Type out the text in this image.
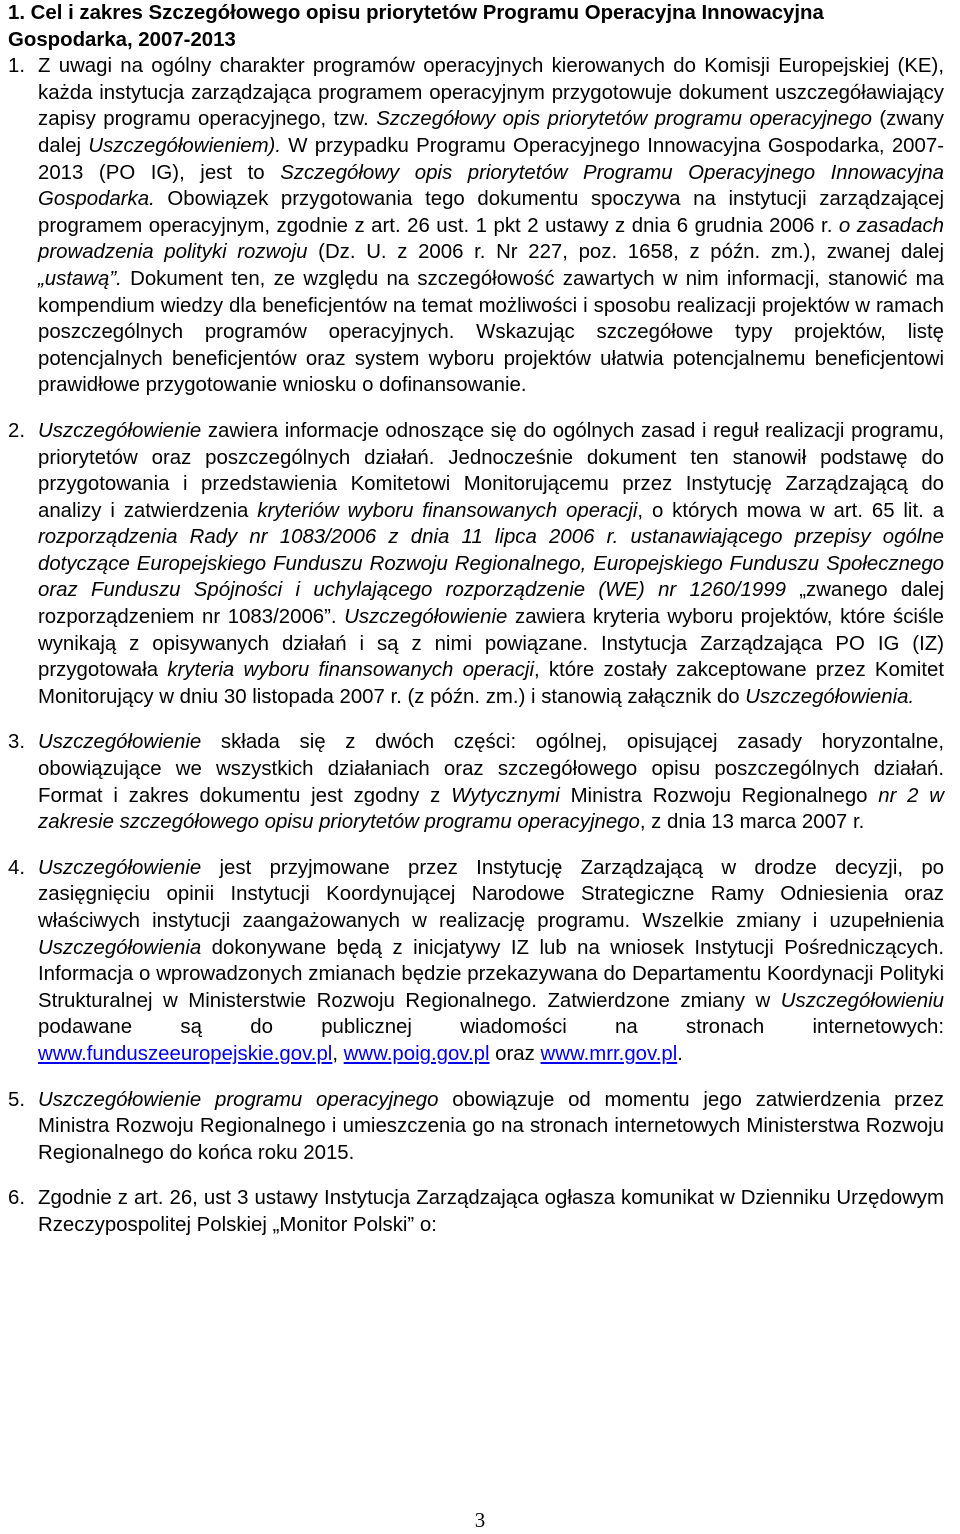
1. Cel i zakres Szczegółowego opisu priorytetów Programu Operacyjna Innowacyjna Gospodarka, 2007-2013

1. Z uwagi na ogólny charakter programów operacyjnych kierowanych do Komisji Europejskiej (KE), każda instytucja zarządzająca programem operacyjnym przygotowuje dokument uszczegóławiający zapisy programu operacyjnego, tzw. Szczegółowy opis priorytetów programu operacyjnego (zwany dalej Uszczegółowieniem). W przypadku Programu Operacyjnego Innowacyjna Gospodarka, 2007-2013 (PO IG), jest to Szczegółowy opis priorytetów Programu Operacyjnego Innowacyjna Gospodarka. Obowiązek przygotowania tego dokumentu spoczywa na instytucji zarządzającej programem operacyjnym, zgodnie z art. 26 ust. 1 pkt 2 ustawy z dnia 6 grudnia 2006 r. o zasadach prowadzenia polityki rozwoju (Dz. U. z 2006 r. Nr 227, poz. 1658, z późn. zm.), zwanej dalej „ustawą”. Dokument ten, ze względu na szczegółowość zawartych w nim informacji, stanowić ma kompendium wiedzy dla beneficjentów na temat możliwości i sposobu realizacji projektów w ramach poszczególnych programów operacyjnych. Wskazując szczegółowe typy projektów, listę potencjalnych beneficjentów oraz system wyboru projektów ułatwia potencjalnemu beneficjentowi prawidłowe przygotowanie wniosku o dofinansowanie.
2. Uszczegółowienie zawiera informacje odnoszące się do ogólnych zasad i reguł realizacji programu, priorytetów oraz poszczególnych działań. Jednocześnie dokument ten stanowił podstawę do przygotowania i przedstawienia Komitetowi Monitorującemu przez Instytucję Zarządzającą do analizy i zatwierdzenia kryteriów wyboru finansowanych operacji, o których mowa w art. 65 lit. a rozporządzenia Rady nr 1083/2006 z dnia 11 lipca 2006 r. ustanawiającego przepisy ogólne dotyczące Europejskiego Funduszu Rozwoju Regionalnego, Europejskiego Funduszu Społecznego oraz Funduszu Spójności i uchylającego rozporządzenie (WE) nr 1260/1999 „zwanego dalej rozporządzeniem nr 1083/2006”. Uszczegółowienie zawiera kryteria wyboru projektów, które ściśle wynikają z opisywanych działań i są z nimi powiązane. Instytucja Zarządzająca PO IG (IZ) przygotowała kryteria wyboru finansowanych operacji, które zostały zakceptowane przez Komitet Monitorujący w dniu 30 listopada 2007 r. (z późn. zm.) i stanowią załącznik do Uszczegółowienia.
3. Uszczegółowienie składa się z dwóch części: ogólnej, opisującej zasady horyzontalne, obowiązujące we wszystkich działaniach oraz szczegółowego opisu poszczególnych działań. Format i zakres dokumentu jest zgodny z Wytycznymi Ministra Rozwoju Regionalnego nr 2 w zakresie szczegółowego opisu priorytetów programu operacyjnego, z dnia 13 marca 2007 r.
4. Uszczegółowienie jest przyjmowane przez Instytucję Zarządzającą w drodze decyzji, po zasięgnięciu opinii Instytucji Koordynującej Narodowe Strategiczne Ramy Odniesienia oraz właściwych instytucji zaangażowanych w realizację programu. Wszelkie zmiany i uzupełnienia Uszczegółowienia dokonywane będą z inicjatywy IZ lub na wniosek Instytucji Pośredniczących. Informacja o wprowadzonych zmianach będzie przekazywana do Departamentu Koordynacji Polityki Strukturalnej w Ministerstwie Rozwoju Regionalnego. Zatwierdzone zmiany w Uszczegółowieniu podawane są do publicznej wiadomości na stronach internetowych: www.funduszeeuropejskie.gov.pl, www.poig.gov.pl oraz www.mrr.gov.pl.
5. Uszczegółowienie programu operacyjnego obowiązuje od momentu jego zatwierdzenia przez Ministra Rozwoju Regionalnego i umieszczenia go na stronach internetowych Ministerstwa Rozwoju Regionalnego do końca roku 2015.
6. Zgodnie z art. 26, ust 3 ustawy Instytucja Zarządzająca ogłasza komunikat w Dzienniku Urzędowym Rzeczypospolitej Polskiej „Monitor Polski” o:
3
